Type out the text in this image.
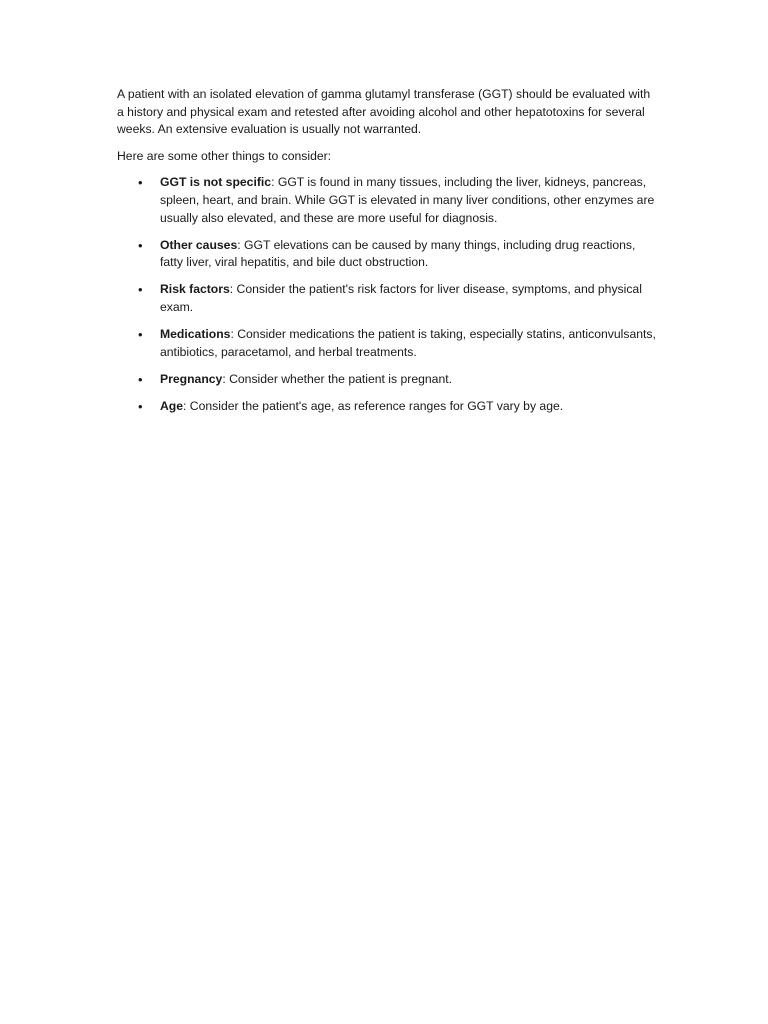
A patient with an isolated elevation of gamma glutamyl transferase (GGT) should be evaluated with a history and physical exam and retested after avoiding alcohol and other hepatotoxins for several weeks. An extensive evaluation is usually not warranted.

Here are some other things to consider:

• GGT is not specific: GGT is found in many tissues, including the liver, kidneys, pancreas, spleen, heart, and brain. While GGT is elevated in many liver conditions, other enzymes are usually also elevated, and these are more useful for diagnosis.
• Other causes: GGT elevations can be caused by many things, including drug reactions, fatty liver, viral hepatitis, and bile duct obstruction.
• Risk factors: Consider the patient's risk factors for liver disease, symptoms, and physical exam.
• Medications: Consider medications the patient is taking, especially statins, anticonvulsants, antibiotics, paracetamol, and herbal treatments.
• Pregnancy: Consider whether the patient is pregnant.
• Age: Consider the patient's age, as reference ranges for GGT vary by age.
